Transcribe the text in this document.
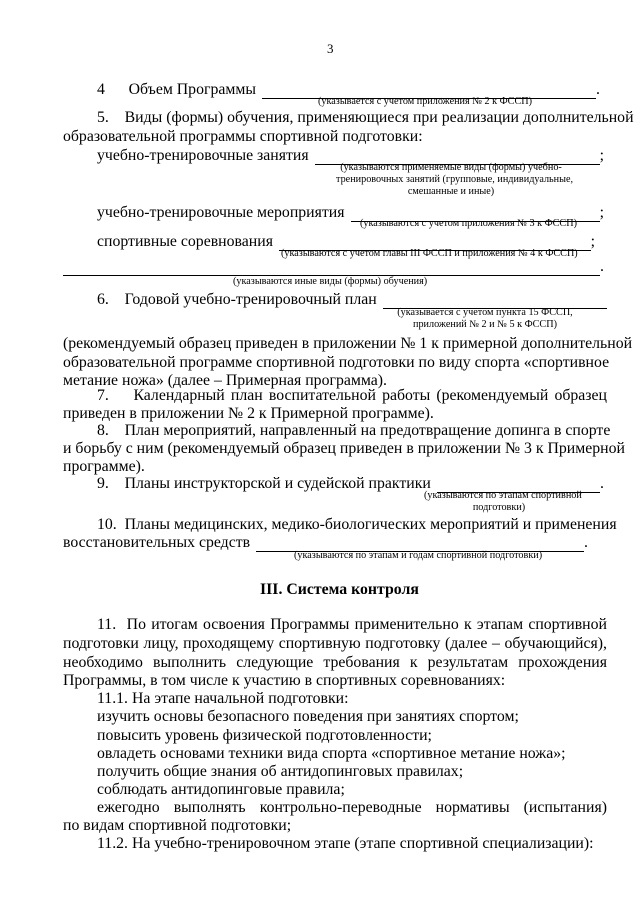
3
4      Объем Программы	.
(указывается с учетом приложения № 2 к ФССП)
5.    Виды (формы) обучения, применяющиеся при реализации дополнительной
образовательной программы спортивной подготовки:
учебно-тренировочные занятия	;
(указываются применяемые виды (формы) учебно-
тренировочных занятий (групповые, индивидуальные,
смешанные и иные)
учебно-тренировочные мероприятия	;
(указываются с учетом приложения № 3 к ФССП)
спортивные соревнования	;
(указываются с учетом главы III ФССП и приложения № 4 к ФССП)
.
(указываются иные виды (формы) обучения)
6.    Годовой учебно-тренировочный план
(указывается с учетом пункта 15 ФССП,
приложений № 2 и № 5 к ФССП)
(рекомендуемый образец приведен в приложении № 1 к примерной дополнительной
образовательной программе спортивной подготовки по виду спорта «спортивное
метание ножа» (далее – Примерная программа).
7.    Календарный план воспитательной работы (рекомендуемый образец
приведен в приложении № 2 к Примерной программе).
8.    План мероприятий, направленный на предотвращение допинга в спорте
и борьбу с ним (рекомендуемый образец приведен в приложении № 3 к Примерной
программе).
9.    Планы инструкторской и судейской практики	.
(указываются по этапам спортивной
подготовки)
10.  Планы медицинских, медико-биологических мероприятий и применения
восстановительных средств	.
(указываются по этапам и годам спортивной подготовки)
III. Система контроля
11.  По итогам освоения Программы применительно к этапам спортивной
подготовки лицу, проходящему спортивную подготовку (далее – обучающийся),
необходимо выполнить следующие требования к результатам прохождения
Программы, в том числе к участию в спортивных соревнованиях:
11.1. На этапе начальной подготовки:
изучить основы безопасного поведения при занятиях спортом;
повысить уровень физической подготовленности;
овладеть основами техники вида спорта «спортивное метание ножа»;
получить общие знания об антидопинговых правилах;
соблюдать антидопинговые правила;
ежегодно выполнять контрольно-переводные нормативы (испытания)
по видам спортивной подготовки;
11.2. На учебно-тренировочном этапе (этапе спортивной специализации):
